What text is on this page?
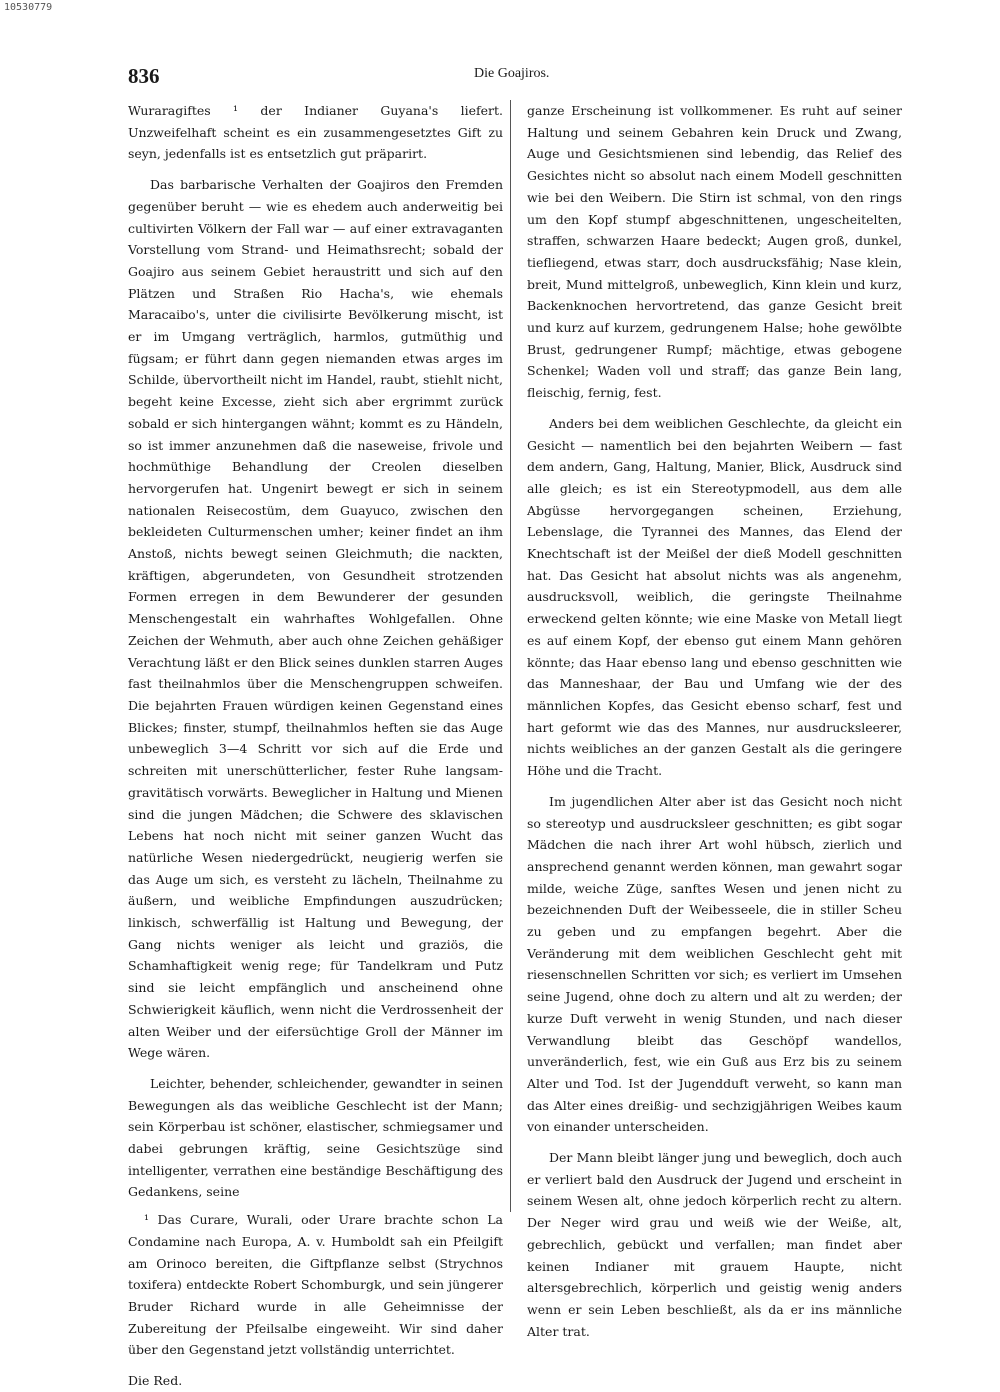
10530779
836	Die Goajiros.

Wuraragiftes ¹ der Indianer Guyana's liefert. Unzweifelhaft scheint es ein zusammengesetztes Gift zu seyn, jedenfalls ist es entsetzlich gut präparirt.

Das barbarische Verhalten der Goajiros den Fremden gegenüber beruht — wie es ehedem auch anderweitig bei cultivirten Völkern der Fall war — auf einer extravaganten Vorstellung vom Strand- und Heimathsrecht; sobald der Goajiro aus seinem Gebiet heraustritt und sich auf den Plätzen und Straßen Rio Hacha's, wie ehemals Maracaibo's, unter die civilisirte Bevölkerung mischt, ist er im Umgang verträglich, harmlos, gutmüthig und fügsam; er führt dann gegen niemanden etwas arges im Schilde, übervortheilt nicht im Handel, raubt, stiehlt nicht, begeht keine Excesse, zieht sich aber ergrimmt zurück sobald er sich hintergangen wähnt; kommt es zu Händeln, so ist immer anzunehmen daß die naseweise, frivole und hochmüthige Behandlung der Creolen dieselben hervorgerufen hat. Ungenirt bewegt er sich in seinem nationalen Reisecostüm, dem Guayuco, zwischen den bekleideten Culturmenschen umher; keiner findet an ihm Anstoß, nichts bewegt seinen Gleichmuth; die nackten, kräftigen, abgerundeten, von Gesundheit strotzenden Formen erregen in dem Bewunderer der gesunden Menschengestalt ein wahrhaftes Wohlgefallen. Ohne Zeichen der Wehmuth, aber auch ohne Zeichen gehäßiger Verachtung läßt er den Blick seines dunklen starren Auges fast theilnahmlos über die Menschengruppen schweifen. Die bejahrten Frauen würdigen keinen Gegenstand eines Blickes; finster, stumpf, theilnahmlos heften sie das Auge unbeweglich 3—4 Schritt vor sich auf die Erde und schreiten mit unerschütterlicher, fester Ruhe langsam-gravitätisch vorwärts. Beweglicher in Haltung und Mienen sind die jungen Mädchen; die Schwere des sklavischen Lebens hat noch nicht mit seiner ganzen Wucht das natürliche Wesen niedergedrückt, neugierig werfen sie das Auge um sich, es versteht zu lächeln, Theilnahme zu äußern, und weibliche Empfindungen auszudrücken; linkisch, schwerfällig ist Haltung und Bewegung, der Gang nichts weniger als leicht und graziös, die Schamhaftigkeit wenig rege; für Tandelkram und Putz sind sie leicht empfänglich und anscheinend ohne Schwierigkeit käuflich, wenn nicht die Verdrossenheit der alten Weiber und der eifersüchtige Groll der Männer im Wege wären.

Leichter, behender, schleichender, gewandter in seinen Bewegungen als das weibliche Geschlecht ist der Mann; sein Körperbau ist schöner, elastischer, schmiegsamer und dabei gebrungen kräftig, seine Gesichtszüge sind intelligenter, verrathen eine beständige Beschäftigung des Gedankens, seine

¹ Das Curare, Wurali, oder Urare brachte schon La Condamine nach Europa, A. v. Humboldt sah ein Pfeilgift am Orinoco bereiten, die Giftpflanze selbst (Strychnos toxifera) entdeckte Robert Schomburgk, und sein jüngerer Bruder Richard wurde in alle Geheimnisse der Zubereitung der Pfeilsalbe eingeweiht. Wir sind daher über den Gegenstand jetzt vollständig unterrichtet.

Die Red.

ganze Erscheinung ist vollkommener. Es ruht auf seiner Haltung und seinem Gebahren kein Druck und Zwang, Auge und Gesichtsmienen sind lebendig, das Relief des Gesichtes nicht so absolut nach einem Modell geschnitten wie bei den Weibern. Die Stirn ist schmal, von den rings um den Kopf stumpf abgeschnittenen, ungescheitelten, straffen, schwarzen Haare bedeckt; Augen groß, dunkel, tiefliegend, etwas starr, doch ausdrucksfähig; Nase klein, breit, Mund mittelgroß, unbeweglich, Kinn klein und kurz, Backenknochen hervortretend, das ganze Gesicht breit und kurz auf kurzem, gedrungenem Halse; hohe gewölbte Brust, gedrungener Rumpf; mächtige, etwas gebogene Schenkel; Waden voll und straff; das ganze Bein lang, fleischig, fernig, fest.

Anders bei dem weiblichen Geschlechte, da gleicht ein Gesicht — namentlich bei den bejahrten Weibern — fast dem andern, Gang, Haltung, Manier, Blick, Ausdruck sind alle gleich; es ist ein Stereotypmodell, aus dem alle Abgüsse hervorgegangen scheinen, Erziehung, Lebenslage, die Tyrannei des Mannes, das Elend der Knechtschaft ist der Meißel der dieß Modell geschnitten hat. Das Gesicht hat absolut nichts was als angenehm, ausdrucksvoll, weiblich, die geringste Theilnahme erweckend gelten könnte; wie eine Maske von Metall liegt es auf einem Kopf, der ebenso gut einem Mann gehören könnte; das Haar ebenso lang und ebenso geschnitten wie das Manneshaar, der Bau und Umfang wie der des männlichen Kopfes, das Gesicht ebenso scharf, fest und hart geformt wie das des Mannes, nur ausdrucksleerer, nichts weibliches an der ganzen Gestalt als die geringere Höhe und die Tracht.

Im jugendlichen Alter aber ist das Gesicht noch nicht so stereotyp und ausdrucksleer geschnitten; es gibt sogar Mädchen die nach ihrer Art wohl hübsch, zierlich und ansprechend genannt werden können, man gewahrt sogar milde, weiche Züge, sanftes Wesen und jenen nicht zu bezeichnenden Duft der Weibesseele, die in stiller Scheu zu geben und zu empfangen begehrt. Aber die Veränderung mit dem weiblichen Geschlecht geht mit riesenschnellen Schritten vor sich; es verliert im Umsehen seine Jugend, ohne doch zu altern und alt zu werden; der kurze Duft verweht in wenig Stunden, und nach dieser Verwandlung bleibt das Geschöpf wandellos, unveränderlich, fest, wie ein Guß aus Erz bis zu seinem Alter und Tod. Ist der Jugendduft verweht, so kann man das Alter eines dreißig- und sechzigjährigen Weibes kaum von einander unterscheiden.

Der Mann bleibt länger jung und beweglich, doch auch er verliert bald den Ausdruck der Jugend und erscheint in seinem Wesen alt, ohne jedoch körperlich recht zu altern. Der Neger wird grau und weiß wie der Weiße, alt, gebrechlich, gebückt und verfallen; man findet aber keinen Indianer mit grauem Haupte, nicht altersgebrechlich, körperlich und geistig wenig anders wenn er sein Leben beschließt, als da er ins männliche Alter trat.
